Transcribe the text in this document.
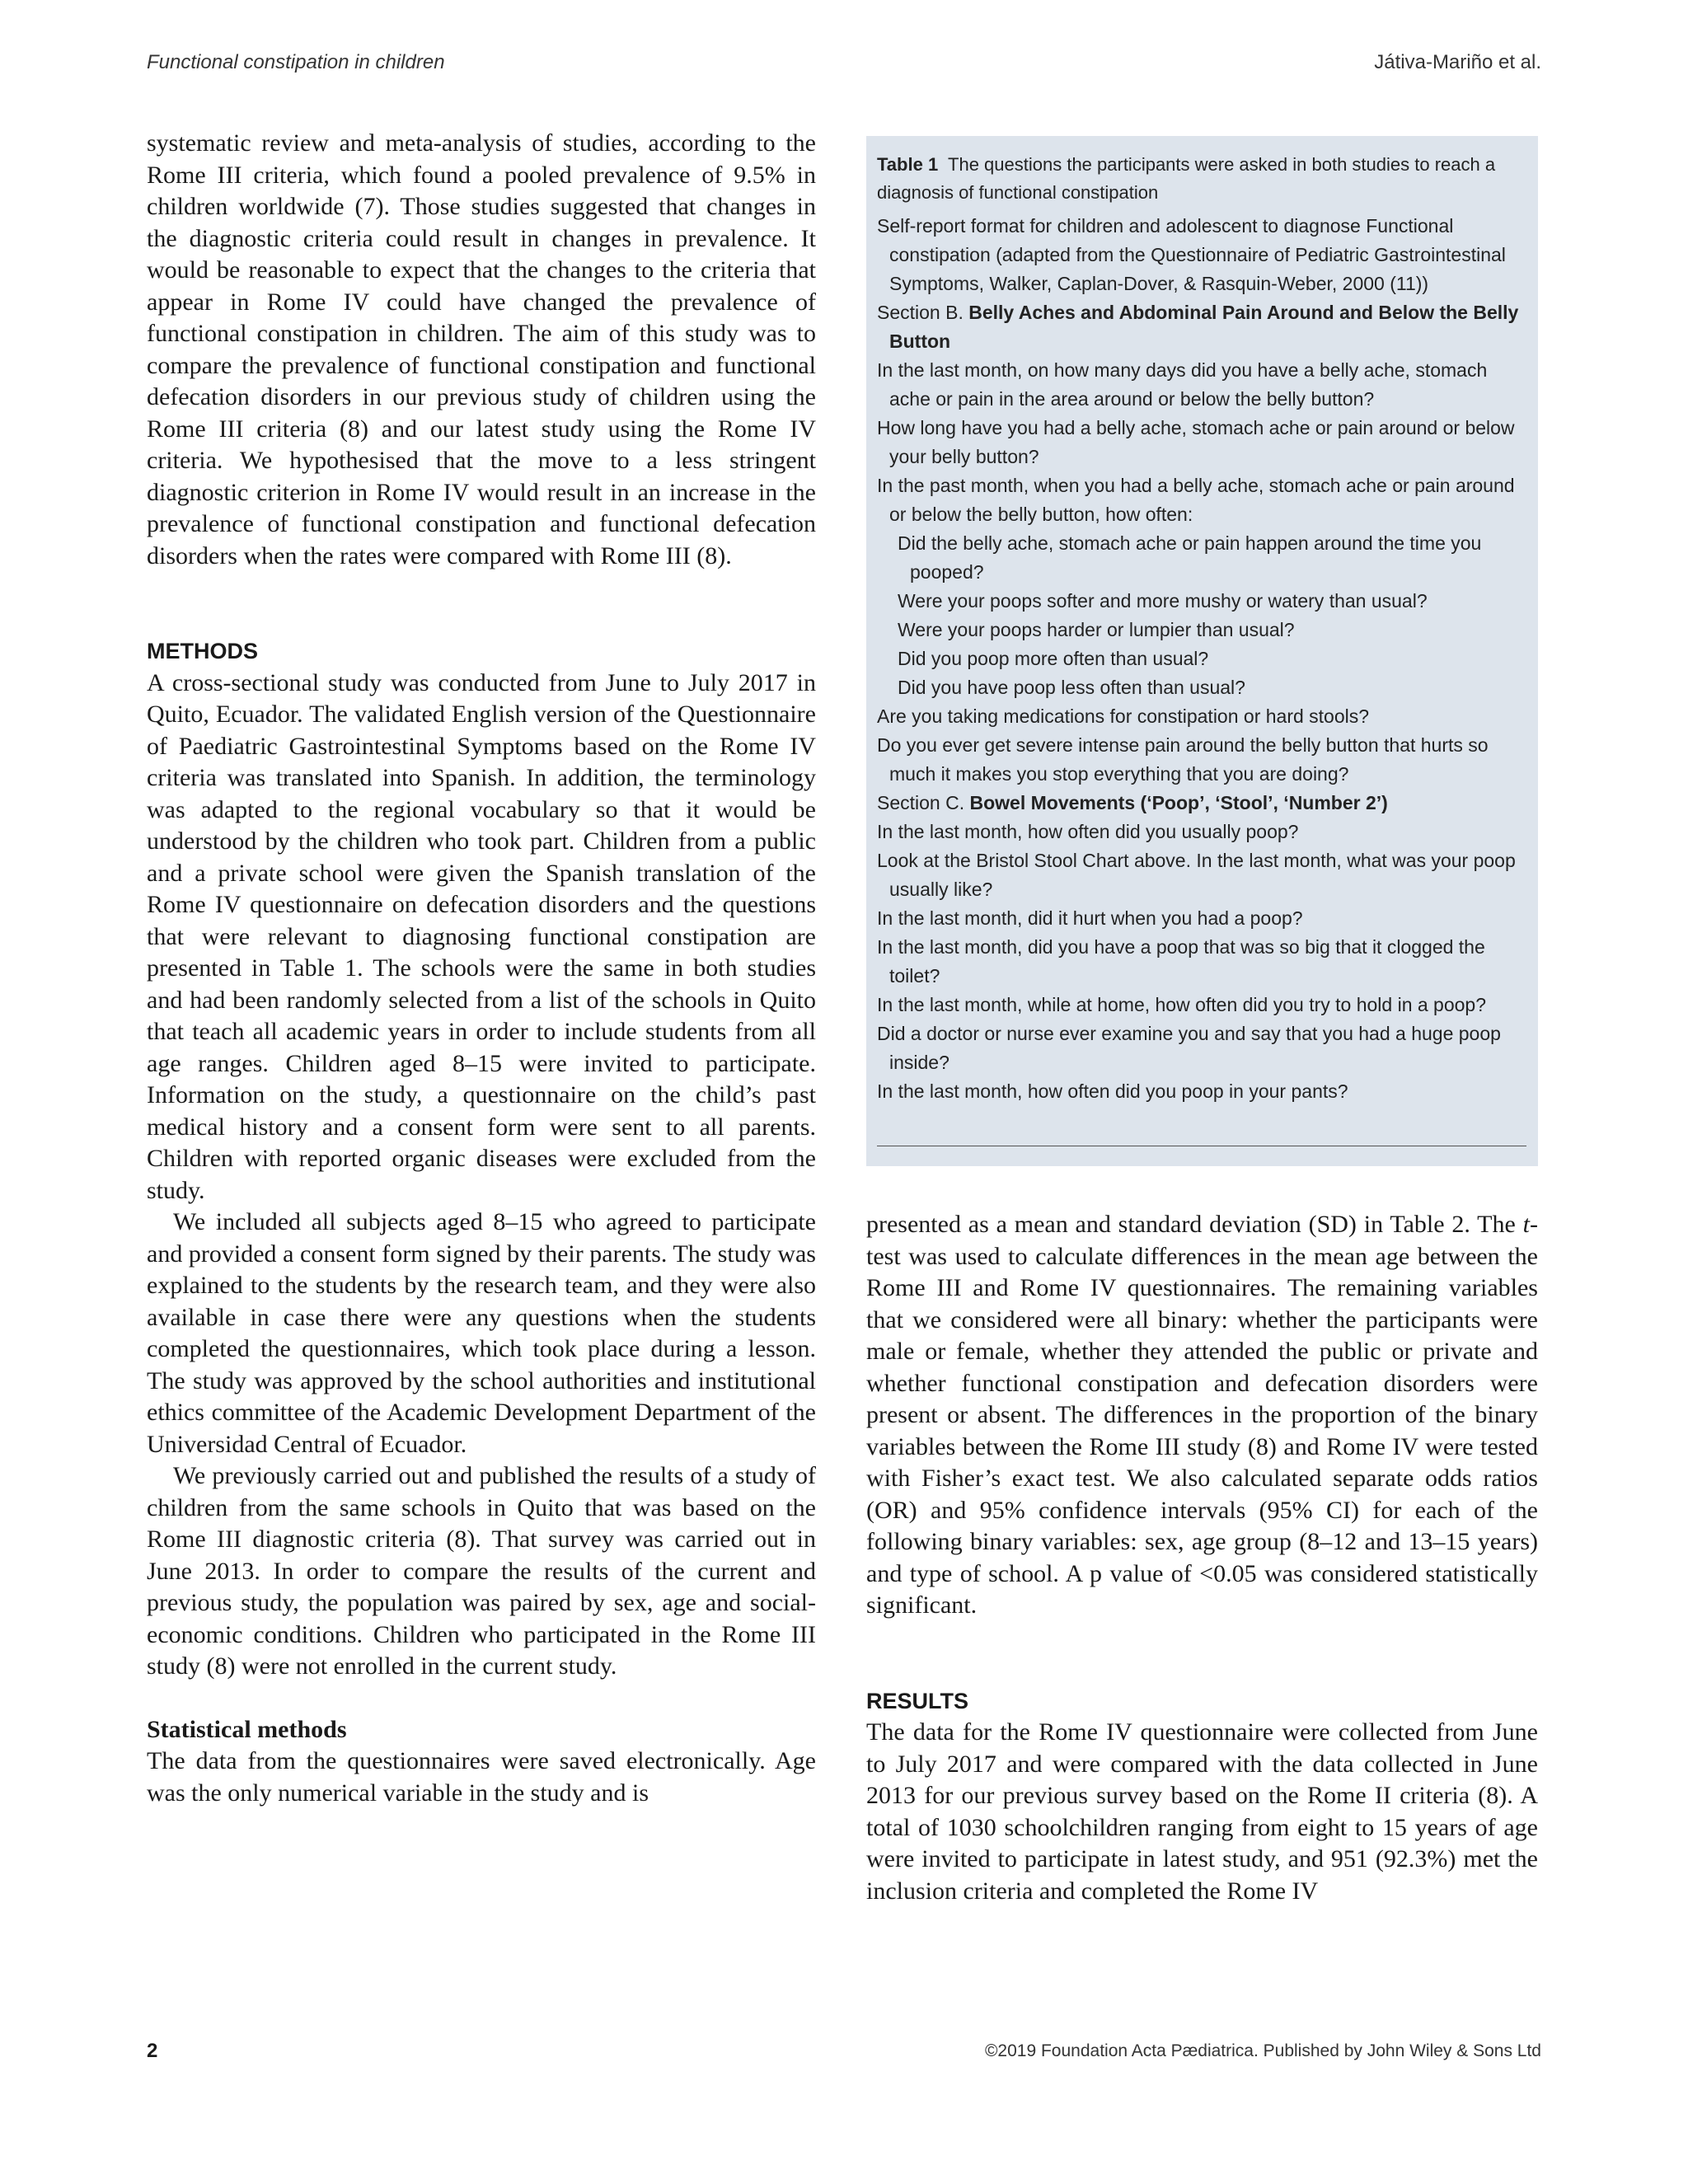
Functional constipation in children	Játiva-Mariño et al.

systematic review and meta-analysis of studies, according to the Rome III criteria, which found a pooled prevalence of 9.5% in children worldwide (7). Those studies suggested that changes in the diagnostic criteria could result in changes in prevalence. It would be reasonable to expect that the changes to the criteria that appear in Rome IV could have changed the prevalence of functional constipation in children. The aim of this study was to compare the prevalence of functional constipation and functional defecation disorders in our previous study of children using the Rome III criteria (8) and our latest study using the Rome IV criteria. We hypothesised that the move to a less stringent diagnostic criterion in Rome IV would result in an increase in the prevalence of functional constipation and functional defecation disorders when the rates were compared with Rome III (8).

METHODS

A cross-sectional study was conducted from June to July 2017 in Quito, Ecuador. The validated English version of the Questionnaire of Paediatric Gastrointestinal Symptoms based on the Rome IV criteria was translated into Spanish. In addition, the terminology was adapted to the regional vocabulary so that it would be understood by the children who took part. Children from a public and a private school were given the Spanish translation of the Rome IV questionnaire on defecation disorders and the questions that were relevant to diagnosing functional constipation are presented in Table 1. The schools were the same in both studies and had been randomly selected from a list of the schools in Quito that teach all academic years in order to include students from all age ranges. Children aged 8–15 were invited to participate. Information on the study, a questionnaire on the child’s past medical history and a consent form were sent to all parents. Children with reported organic diseases were excluded from the study.

We included all subjects aged 8–15 who agreed to participate and provided a consent form signed by their parents. The study was explained to the students by the research team, and they were also available in case there were any questions when the students completed the questionnaires, which took place during a lesson. The study was approved by the school authorities and institutional ethics committee of the Academic Development Department of the Universidad Central of Ecuador.

We previously carried out and published the results of a study of children from the same schools in Quito that was based on the Rome III diagnostic criteria (8). That survey was carried out in June 2013. In order to compare the results of the current and previous study, the population was paired by sex, age and social-economic conditions. Children who participated in the Rome III study (8) were not enrolled in the current study.

Statistical methods

The data from the questionnaires were saved electronically. Age was the only numerical variable in the study and is

Table 1 The questions the participants were asked in both studies to reach a diagnosis of functional constipation

Self-report format for children and adolescent to diagnose Functional constipation (adapted from the Questionnaire of Pediatric Gastrointestinal Symptoms, Walker, Caplan-Dover, & Rasquin-Weber, 2000 (11))

Section B. Belly Aches and Abdominal Pain Around and Below the Belly Button

In the last month, on how many days did you have a belly ache, stomach ache or pain in the area around or below the belly button?

How long have you had a belly ache, stomach ache or pain around or below your belly button?

In the past month, when you had a belly ache, stomach ache or pain around or below the belly button, how often:

Did the belly ache, stomach ache or pain happen around the time you pooped?

Were your poops softer and more mushy or watery than usual?

Were your poops harder or lumpier than usual?

Did you poop more often than usual?

Did you have poop less often than usual?

Are you taking medications for constipation or hard stools?

Do you ever get severe intense pain around the belly button that hurts so much it makes you stop everything that you are doing?

Section C. Bowel Movements (‘Poop’, ‘Stool’, ‘Number 2’)

In the last month, how often did you usually poop?

Look at the Bristol Stool Chart above. In the last month, what was your poop usually like?

In the last month, did it hurt when you had a poop?

In the last month, did you have a poop that was so big that it clogged the toilet?

In the last month, while at home, how often did you try to hold in a poop?

Did a doctor or nurse ever examine you and say that you had a huge poop inside?

In the last month, how often did you poop in your pants?

presented as a mean and standard deviation (SD) in Table 2. The t-test was used to calculate differences in the mean age between the Rome III and Rome IV questionnaires. The remaining variables that we considered were all binary: whether the participants were male or female, whether they attended the public or private and whether functional constipation and defecation disorders were present or absent. The differences in the proportion of the binary variables between the Rome III study (8) and Rome IV were tested with Fisher’s exact test. We also calculated separate odds ratios (OR) and 95% confidence intervals (95% CI) for each of the following binary variables: sex, age group (8–12 and 13–15 years) and type of school. A p value of <0.05 was considered statistically significant.

RESULTS

The data for the Rome IV questionnaire were collected from June to July 2017 and were compared with the data collected in June 2013 for our previous survey based on the Rome II criteria (8). A total of 1030 schoolchildren ranging from eight to 15 years of age were invited to participate in latest study, and 951 (92.3%) met the inclusion criteria and completed the Rome IV

2	©2019 Foundation Acta Pædiatrica. Published by John Wiley & Sons Ltd
